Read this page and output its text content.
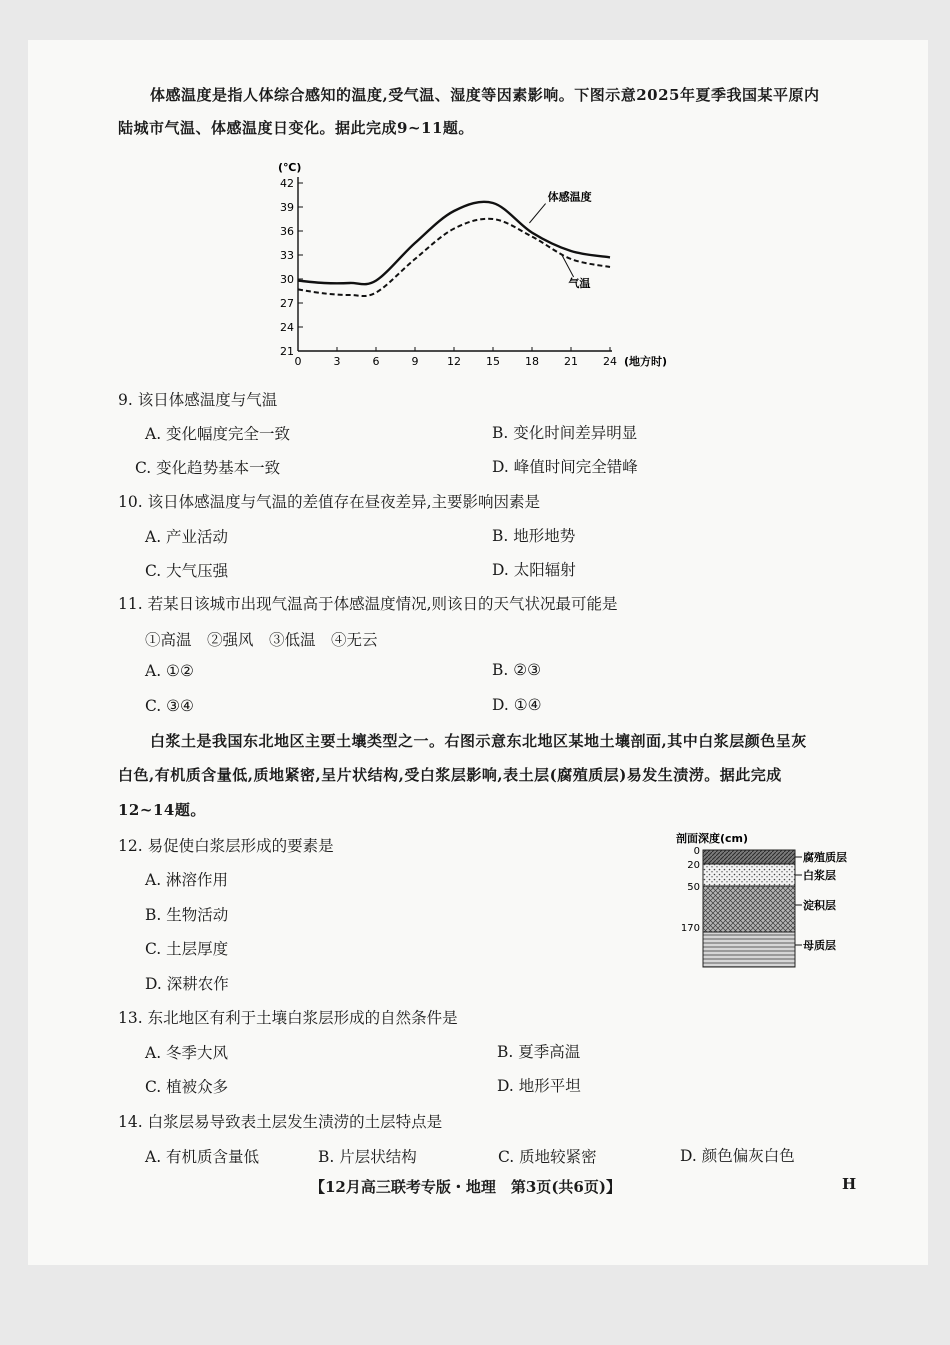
体感温度是指人体综合感知的温度,受气温、湿度等因素影响。下图示意2025年夏季我国某平原内
陆城市气温、体感温度日变化。据此完成9~11题。
21
24
27
30
33
36
39
42
0	3	6	9	12 15 18 21 24
(℃)
(地方时)
体感温度
气温
9. 该日体感温度与气温
A. 变化幅度完全一致	B. 变化时间差异明显
C. 变化趋势基本一致	D. 峰值时间完全错峰
10. 该日体感温度与气温的差值存在昼夜差异,主要影响因素是
A. 产业活动	B. 地形地势
C. 大气压强	D. 太阳辐射
11. 若某日该城市出现气温高于体感温度情况,则该日的天气状况最可能是
①高温　②强风　③低温　④无云
A. ①②	B. ②③
C. ③④	D. ①④
白浆土是我国东北地区主要土壤类型之一。右图示意东北地区某地土壤剖面,其中白浆层颜色呈灰
白色,有机质含量低,质地紧密,呈片状结构,受白浆层影响,表土层(腐殖质层)易发生渍涝。据此完成
12~14题。
剖面深度(cm)
0
20
50
170
腐殖质层
白浆层
淀积层
母质层
12. 易促使白浆层形成的要素是
A. 淋溶作用
B. 生物活动
C. 土层厚度
D. 深耕农作
13. 东北地区有利于土壤白浆层形成的自然条件是
A. 冬季大风	B. 夏季高温
C. 植被众多	D. 地形平坦
14. 白浆层易导致表土层发生渍涝的土层特点是
A. 有机质含量低	B. 片层状结构	C. 质地较紧密	D. 颜色偏灰白色
【12月高三联考专版・地理　第3页(共6页)】	H
